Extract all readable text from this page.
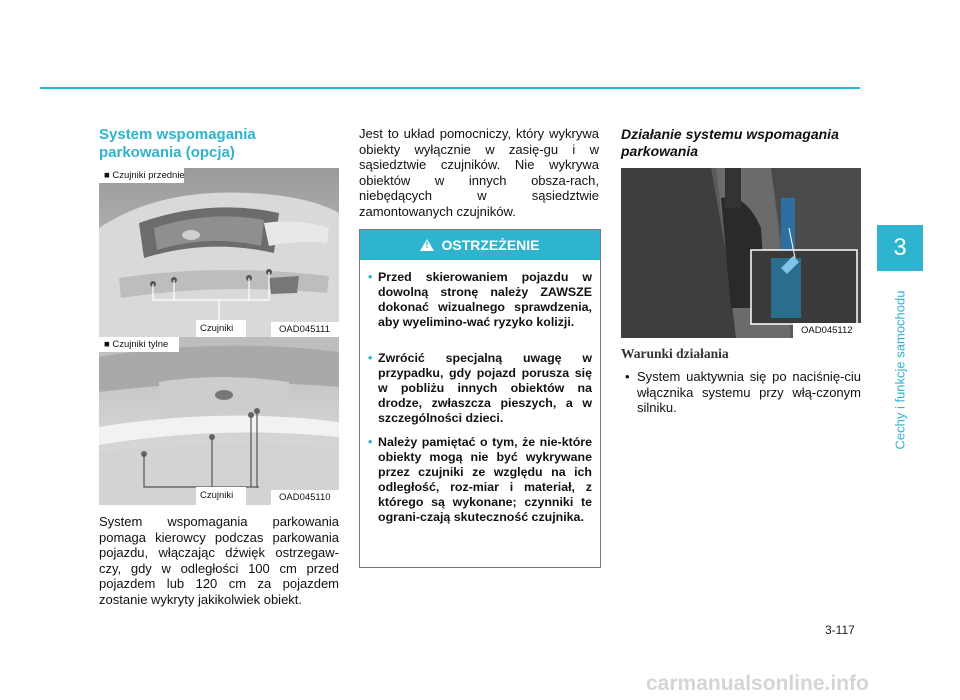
3
Cechy i funkcje samochodu
System wspomagania parkowania (opcja)
■ Czujniki przednie
Czujniki	OAD045111
■ Czujniki tylne
Czujniki	OAD045110
System wspomagania parkowania pomaga kierowcy podczas parkowania pojazdu, włączając dźwięk ostrzegaw-czy, gdy w odległości 100 cm przed pojazdem lub 120 cm za pojazdem zostanie wykryty jakikolwiek obiekt.
Jest to układ pomocniczy, który wykrywa obiekty wyłącznie w zasię-gu i w sąsiedztwie czujników. Nie wykrywa obiektów w innych obsza-rach, niebędących w sąsiedztwie zamontowanych czujników.
!
OSTRZEŻENIE
• Przed skierowaniem pojazdu w dowolną stronę należy ZAWSZE dokonać wizualnego sprawdzenia, aby wyelimino-wać ryzyko kolizji.
• Zwrócić specjalną uwagę w przypadku, gdy pojazd porusza się w pobliżu innych obiektów na drodze, zwłaszcza pieszych, a w szczególności dzieci.
• Należy pamiętać o tym, że nie-które obiekty mogą nie być wykrywane przez czujniki ze względu na ich odległość, roz-miar i materiał, z którego są wykonane; czynniki te ograni-czają skuteczność czujnika.
Działanie systemu wspomagania parkowania
OAD045112
Warunki działania
• System uaktywnia się po naciśnię-ciu włącznika systemu przy włą-czonym silniku.
3-117
carmanualsonline.info
